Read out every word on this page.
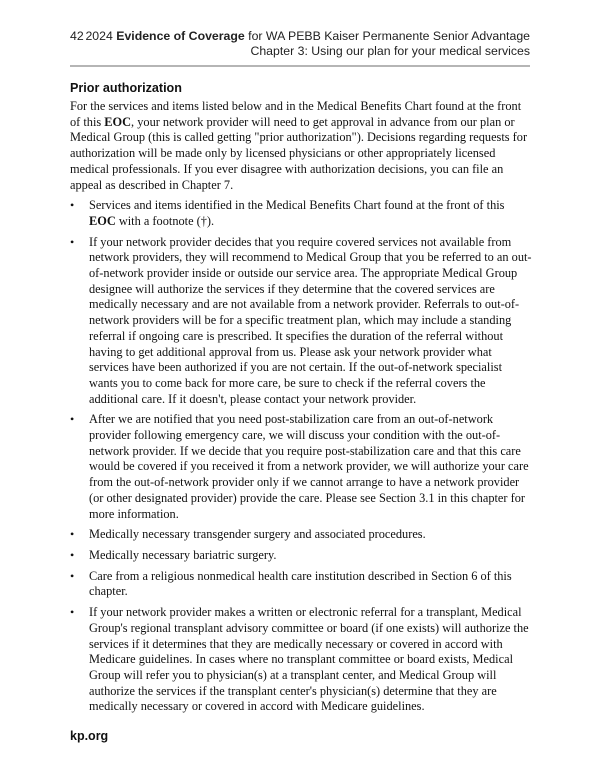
42 2024 Evidence of Coverage for WA PEBB Kaiser Permanente Senior Advantage
Chapter 3: Using our plan for your medical services
Prior authorization

For the services and items listed below and in the Medical Benefits Chart found at the front of this EOC, your network provider will need to get approval in advance from our plan or Medical Group (this is called getting "prior authorization"). Decisions regarding requests for authorization will be made only by licensed physicians or other appropriately licensed medical professionals. If you ever disagree with authorization decisions, you can file an appeal as described in Chapter 7.

• Services and items identified in the Medical Benefits Chart found at the front of this EOC with a footnote (†).
• If your network provider decides that you require covered services not available from network providers, they will recommend to Medical Group that you be referred to an out-of-network provider inside or outside our service area. The appropriate Medical Group designee will authorize the services if they determine that the covered services are medically necessary and are not available from a network provider. Referrals to out-of-network providers will be for a specific treatment plan, which may include a standing referral if ongoing care is prescribed. It specifies the duration of the referral without having to get additional approval from us. Please ask your network provider what services have been authorized if you are not certain. If the out-of-network specialist wants you to come back for more care, be sure to check if the referral covers the additional care. If it doesn't, please contact your network provider.
• After we are notified that you need post-stabilization care from an out-of-network provider following emergency care, we will discuss your condition with the out-of-network provider. If we decide that you require post-stabilization care and that this care would be covered if you received it from a network provider, we will authorize your care from the out-of-network provider only if we cannot arrange to have a network provider (or other designated provider) provide the care. Please see Section 3.1 in this chapter for more information.
• Medically necessary transgender surgery and associated procedures.
• Medically necessary bariatric surgery.
• Care from a religious nonmedical health care institution described in Section 6 of this chapter.
• If your network provider makes a written or electronic referral for a transplant, Medical Group's regional transplant advisory committee or board (if one exists) will authorize the services if it determines that they are medically necessary or covered in accord with Medicare guidelines. In cases where no transplant committee or board exists, Medical Group will refer you to physician(s) at a transplant center, and Medical Group will authorize the services if the transplant center's physician(s) determine that they are medically necessary or covered in accord with Medicare guidelines.
kp.org
